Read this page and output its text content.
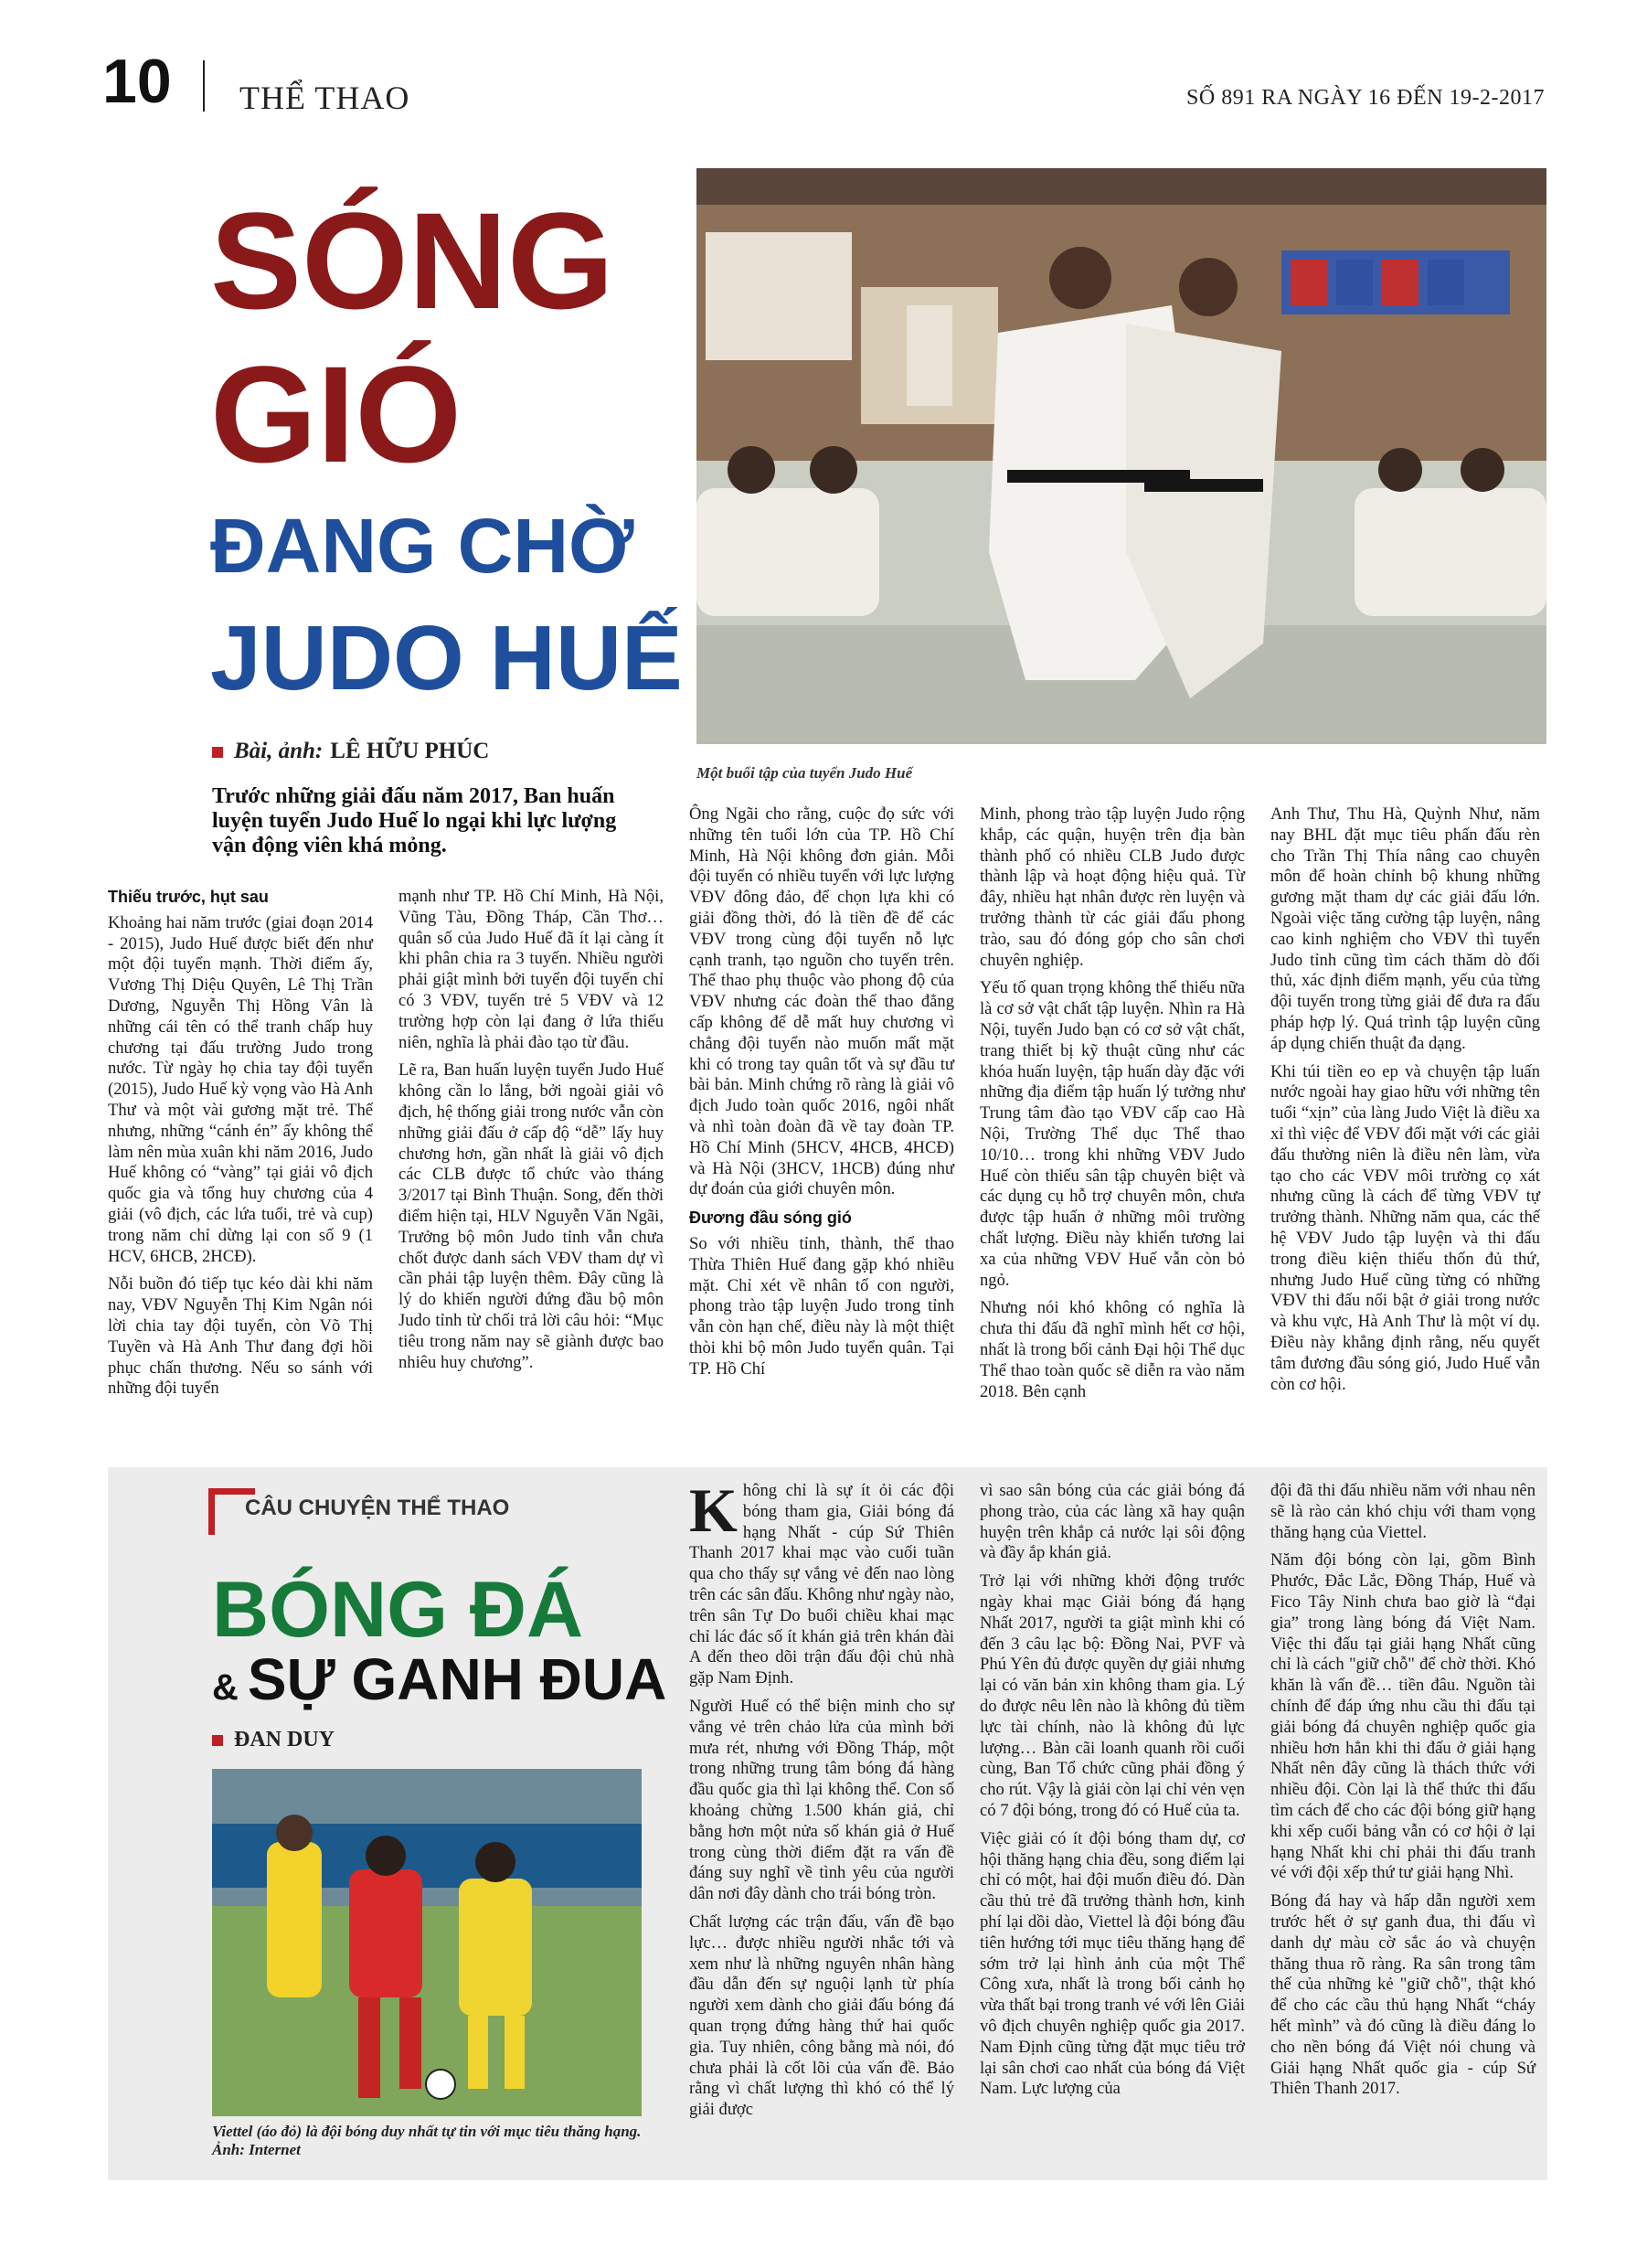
10 THỂ THAO	SỐ 891 RA NGÀY 16 ĐẾN 19-2-2017
SÓNG
GIÓ
ĐANG CHỜ
JUDO HUẾ
Bài, ảnh: LÊ HỮU PHÚC
Một buổi tập của tuyển Judo Huế
Trước những giải đấu năm 2017, Ban huấn luyện tuyển Judo Huế lo ngại khi lực lượng vận động viên khá mỏng.
Thiếu trước, hụt sau

Khoảng hai năm trước (giai đoạn 2014 - 2015), Judo Huế được biết đến như một đội tuyển mạnh. Thời điểm ấy, Vương Thị Diệu Quyên, Lê Thị Trần Dương, Nguyễn Thị Hồng Vân là những cái tên có thể tranh chấp huy chương tại đấu trường Judo trong nước. Từ ngày họ chia tay đội tuyển (2015), Judo Huế kỳ vọng vào Hà Anh Thư và một vài gương mặt trẻ. Thế nhưng, những “cánh én” ấy không thể làm nên mùa xuân khi năm 2016, Judo Huế không có “vàng” tại giải vô địch quốc gia và tổng huy chương của 4 giải (vô địch, các lứa tuổi, trẻ và cup) trong năm chỉ dừng lại con số 9 (1 HCV, 6HCB, 2HCĐ).

Nỗi buồn đó tiếp tục kéo dài khi năm nay, VĐV Nguyễn Thị Kim Ngân nói lời chia tay đội tuyển, còn Võ Thị Tuyền và Hà Anh Thư đang đợi hồi phục chấn thương. Nếu so sánh với những đội tuyển

mạnh như TP. Hồ Chí Minh, Hà Nội, Vũng Tàu, Đồng Tháp, Cần Thơ… quân số của Judo Huế đã ít lại càng ít khi phân chia ra 3 tuyến. Nhiều người phải giật mình bởi tuyển đội tuyển chỉ có 3 VĐV, tuyến trẻ 5 VĐV và 12 trường hợp còn lại đang ở lứa thiếu niên, nghĩa là phải đào tạo từ đầu.

Lẽ ra, Ban huấn luyện tuyển Judo Huế không cần lo lắng, bởi ngoài giải vô địch, hệ thống giải trong nước vẫn còn những giải đấu ở cấp độ “dễ” lấy huy chương hơn, gần nhất là giải vô địch các CLB được tổ chức vào tháng 3/2017 tại Bình Thuận. Song, đến thời điểm hiện tại, HLV Nguyễn Văn Ngãi, Trưởng bộ môn Judo tỉnh vẫn chưa chốt được danh sách VĐV tham dự vì cần phải tập luyện thêm. Đây cũng là lý do khiến người đứng đầu bộ môn Judo tỉnh từ chối trả lời câu hỏi: “Mục tiêu trong năm nay sẽ giành được bao nhiêu huy chương”.

Ông Ngãi cho rằng, cuộc đọ sức với những tên tuổi lớn của TP. Hồ Chí Minh, Hà Nội không đơn giản. Mỗi đội tuyển có nhiều tuyển với lực lượng VĐV đông đảo, để chọn lựa khi có giải đồng thời, đó là tiền đề để các VĐV trong cùng đội tuyển nỗ lực cạnh tranh, tạo nguồn cho tuyến trên. Thể thao phụ thuộc vào phong độ của VĐV nhưng các đoàn thể thao đẳng cấp không để dễ mất huy chương vì chẳng đội tuyển nào muốn mất mặt khi có trong tay quân tốt và sự đầu tư bài bản. Minh chứng rõ ràng là giải vô địch Judo toàn quốc 2016, ngôi nhất và nhì toàn đoàn đã về tay đoàn TP. Hồ Chí Minh (5HCV, 4HCB, 4HCĐ) và Hà Nội (3HCV, 1HCB) đúng như dự đoán của giới chuyên môn.

Đương đầu sóng gió

So với nhiều tỉnh, thành, thể thao Thừa Thiên Huế đang gặp khó nhiều mặt. Chỉ xét về nhân tố con người, phong trào tập luyện Judo trong tỉnh vẫn còn hạn chế, điều này là một thiệt thòi khi bộ môn Judo tuyển quân. Tại TP. Hồ Chí

Minh, phong trào tập luyện Judo rộng khắp, các quận, huyện trên địa bàn thành phố có nhiều CLB Judo được thành lập và hoạt động hiệu quả. Từ đây, nhiều hạt nhân được rèn luyện và trưởng thành từ các giải đấu phong trào, sau đó đóng góp cho sân chơi chuyên nghiệp.

Yếu tố quan trọng không thể thiếu nữa là cơ sở vật chất tập luyện. Nhìn ra Hà Nội, tuyển Judo bạn có cơ sở vật chất, trang thiết bị kỹ thuật cũng như các khóa huấn luyện, tập huấn dày đặc với những địa điểm tập huấn lý tưởng như Trung tâm đào tạo VĐV cấp cao Hà Nội, Trường Thể dục Thể thao 10/10… trong khi những VĐV Judo Huế còn thiếu sân tập chuyên biệt và các dụng cụ hỗ trợ chuyên môn, chưa được tập huấn ở những môi trường chất lượng. Điều này khiến tương lai xa của những VĐV Huế vẫn còn bỏ ngỏ.

Nhưng nói khó không có nghĩa là chưa thi đấu đã nghĩ mình hết cơ hội, nhất là trong bối cảnh Đại hội Thể dục Thể thao toàn quốc sẽ diễn ra vào năm 2018. Bên cạnh

Anh Thư, Thu Hà, Quỳnh Như, năm nay BHL đặt mục tiêu phấn đấu rèn cho Trần Thị Thía nâng cao chuyên môn để hoàn chỉnh bộ khung những gương mặt tham dự các giải đấu lớn. Ngoài việc tăng cường tập luyện, nâng cao kinh nghiệm cho VĐV thì tuyển Judo tỉnh cũng tìm cách thăm dò đối thủ, xác định điểm mạnh, yếu của từng đội tuyển trong từng giải để đưa ra đấu pháp hợp lý. Quá trình tập luyện cũng áp dụng chiến thuật đa dạng.

Khi túi tiền eo ep và chuyện tập luấn nước ngoài hay giao hữu với những tên tuổi “xịn” của làng Judo Việt là điều xa xỉ thì việc để VĐV đối mặt với các giải đấu thường niên là điều nên làm, vừa tạo cho các VĐV môi trường cọ xát nhưng cũng là cách để từng VĐV tự trưởng thành. Những năm qua, các thế hệ VĐV Judo tập luyện và thi đấu trong điều kiện thiếu thốn đủ thứ, nhưng Judo Huế cũng từng có những VĐV thi đấu nổi bật ở giải trong nước và khu vực, Hà Anh Thư là một ví dụ. Điều này khẳng định rằng, nếu quyết tâm đương đầu sóng gió, Judo Huế vẫn còn cơ hội.

CÂU CHUYỆN THỂ THAO
BÓNG ĐÁ
& SỰ GANH ĐUA
ĐAN DUY
Viettel (áo đỏ) là đội bóng duy nhất tự tin với mục tiêu thăng hạng. Ảnh: Internet

Không chỉ là sự ít ỏi các đội bóng tham gia, Giải bóng đá hạng Nhất - cúp Sứ Thiên Thanh 2017 khai mạc vào cuối tuần qua cho thấy sự vắng vẻ đến nao lòng trên các sân đấu. Không như ngày nào, trên sân Tự Do buổi chiều khai mạc chỉ lác đác số ít khán giả trên khán đài A đến theo dõi trận đấu đội chủ nhà gặp Nam Định.

Người Huế có thể biện minh cho sự vắng vẻ trên chảo lửa của mình bởi mưa rét, nhưng với Đồng Tháp, một trong những trung tâm bóng đá hàng đầu quốc gia thì lại không thể. Con số khoảng chừng 1.500 khán giả, chỉ bằng hơn một nửa số khán giả ở Huế trong cùng thời điểm đặt ra vấn đề đáng suy nghĩ về tình yêu của người dân nơi đây dành cho trái bóng tròn.

Chất lượng các trận đấu, vấn đề bạo lực… được nhiều người nhắc tới và xem như là những nguyên nhân hàng đầu dẫn đến sự nguội lạnh từ phía người xem dành cho giải đấu bóng đá quan trọng đứng hàng thứ hai quốc gia. Tuy nhiên, công bằng mà nói, đó chưa phải là cốt lõi của vấn đề. Bảo rằng vì chất lượng thì khó có thể lý giải được

vì sao sân bóng của các giải bóng đá phong trào, của các làng xã hay quận huyện trên khắp cả nước lại sôi động và đầy ắp khán giả.

Trở lại với những khởi động trước ngày khai mạc Giải bóng đá hạng Nhất 2017, người ta giật mình khi có đến 3 câu lạc bộ: Đồng Nai, PVF và Phú Yên đủ được quyền dự giải nhưng lại có văn bản xin không tham gia. Lý do được nêu lên nào là không đủ tiềm lực tài chính, nào là không đủ lực lượng… Bàn cãi loanh quanh rồi cuối cùng, Ban Tổ chức cũng phải đồng ý cho rút. Vậy là giải còn lại chỉ vẻn vẹn có 7 đội bóng, trong đó có Huế của ta.

Việc giải có ít đội bóng tham dự, cơ hội thăng hạng chia đều, song điểm lại chỉ có một, hai đội muốn điều đó. Dàn cầu thủ trẻ đã trưởng thành hơn, kinh phí lại dồi dào, Viettel là đội bóng đầu tiên hướng tới mục tiêu thăng hạng để sớm trở lại hình ảnh của một Thể Công xưa, nhất là trong bối cảnh họ vừa thất bại trong tranh vé với lên Giải vô địch chuyên nghiệp quốc gia 2017. Nam Định cũng từng đặt mục tiêu trở lại sân chơi cao nhất của bóng đá Việt Nam. Lực lượng của

đội đã thi đấu nhiều năm với nhau nên sẽ là rào cản khó chịu với tham vọng thăng hạng của Viettel.

Năm đội bóng còn lại, gồm Bình Phước, Đắc Lắc, Đồng Tháp, Huế và Fico Tây Ninh chưa bao giờ là “đại gia” trong làng bóng đá Việt Nam. Việc thi đấu tại giải hạng Nhất cũng chỉ là cách "giữ chỗ" để chờ thời. Khó khăn là vấn đề… tiền đâu. Nguồn tài chính để đáp ứng nhu cầu thi đấu tại giải bóng đá chuyên nghiệp quốc gia nhiều hơn hẳn khi thi đấu ở giải hạng Nhất nên đây cũng là thách thức với nhiều đội. Còn lại là thể thức thi đấu tìm cách để cho các đội bóng giữ hạng khi xếp cuối bảng vẫn có cơ hội ở lại hạng Nhất khi chỉ phải thi đấu tranh vé với đội xếp thứ tư giải hạng Nhì.

Bóng đá hay và hấp dẫn người xem trước hết ở sự ganh đua, thi đấu vì danh dự màu cờ sắc áo và chuyện thăng thua rõ ràng. Ra sân trong tâm thế của những kẻ "giữ chỗ", thật khó để cho các cầu thủ hạng Nhất “cháy hết mình” và đó cũng là điều đáng lo cho nền bóng đá Việt nói chung và Giải hạng Nhất quốc gia - cúp Sứ Thiên Thanh 2017.
